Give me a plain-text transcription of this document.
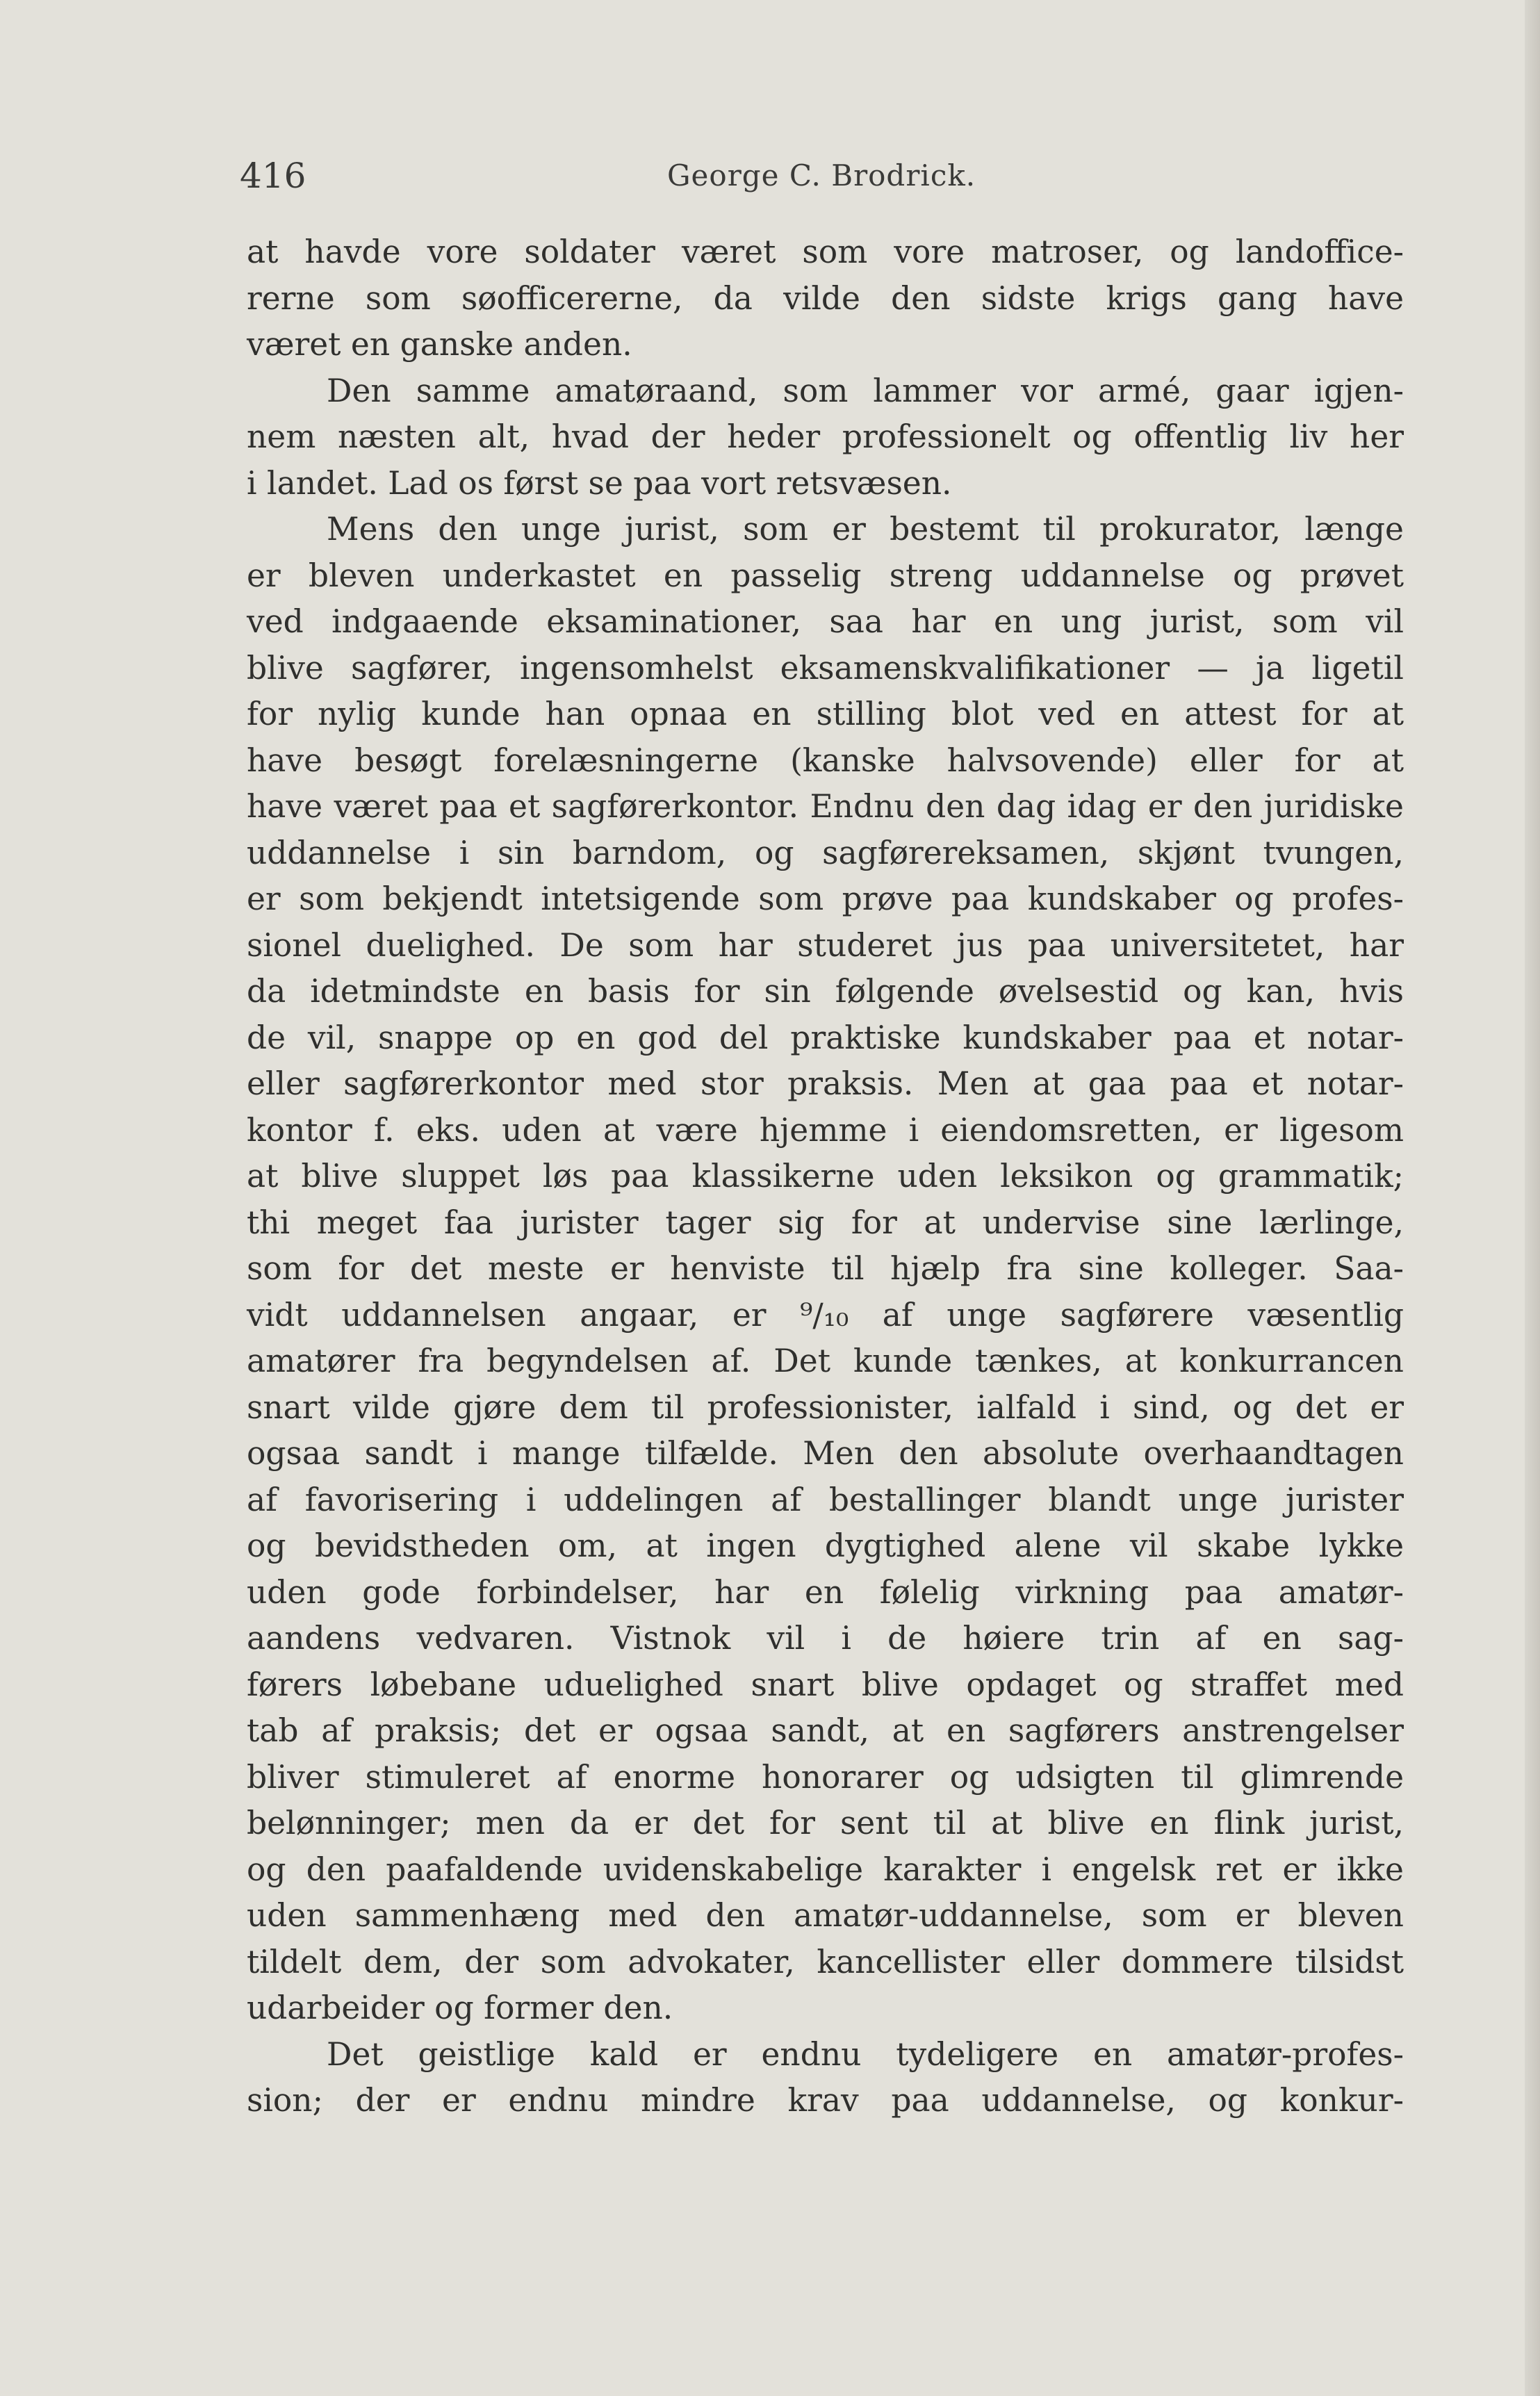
416	George C. Brodrick.
at havde vore soldater været som vore matroser, og landoffice-
rerne som søofficererne, da vilde den sidste krigs gang have
været en ganske anden.
Den samme amatøraand, som lammer vor armé, gaar igjen-
nem næsten alt, hvad der heder professionelt og offentlig liv her
i landet. Lad os først se paa vort retsvæsen.
Mens den unge jurist, som er bestemt til prokurator, længe
er bleven underkastet en passelig streng uddannelse og prøvet
ved indgaaende eksaminationer, saa har en ung jurist, som vil
blive sagfører, ingensomhelst eksamenskvalifikationer — ja ligetil
for nylig kunde han opnaa en stilling blot ved en attest for at
have besøgt forelæsningerne (kanske halvsovende) eller for at
have været paa et sagførerkontor. Endnu den dag idag er den juridiske
uddannelse i sin barndom, og sagførereksamen, skjønt tvungen,
er som bekjendt intetsigende som prøve paa kundskaber og profes-
sionel duelighed. De som har studeret jus paa universitetet, har
da idetmindste en basis for sin følgende øvelsestid og kan, hvis
de vil, snappe op en god del praktiske kundskaber paa et notar-
eller sagførerkontor med stor praksis. Men at gaa paa et notar-
kontor f. eks. uden at være hjemme i eiendomsretten, er ligesom
at blive sluppet løs paa klassikerne uden leksikon og grammatik;
thi meget faa jurister tager sig for at undervise sine lærlinge,
som for det meste er henviste til hjælp fra sine kolleger. Saa-
vidt uddannelsen angaar, er ⁹/₁₀ af unge sagførere væsentlig
amatører fra begyndelsen af. Det kunde tænkes, at konkurrancen
snart vilde gjøre dem til professionister, ialfald i sind, og det er
ogsaa sandt i mange tilfælde. Men den absolute overhaandtagen
af favorisering i uddelingen af bestallinger blandt unge jurister
og bevidstheden om, at ingen dygtighed alene vil skabe lykke
uden gode forbindelser, har en følelig virkning paa amatør-
aandens vedvaren. Vistnok vil i de høiere trin af en sag-
førers løbebane uduelighed snart blive opdaget og straffet med
tab af praksis; det er ogsaa sandt, at en sagførers anstrengelser
bliver stimuleret af enorme honorarer og udsigten til glimrende
belønninger; men da er det for sent til at blive en flink jurist,
og den paafaldende uvidenskabelige karakter i engelsk ret er ikke
uden sammenhæng med den amatør-uddannelse, som er bleven
tildelt dem, der som advokater, kancellister eller dommere tilsidst
udarbeider og former den.
Det geistlige kald er endnu tydeligere en amatør-profes-
sion; der er endnu mindre krav paa uddannelse, og konkur-
